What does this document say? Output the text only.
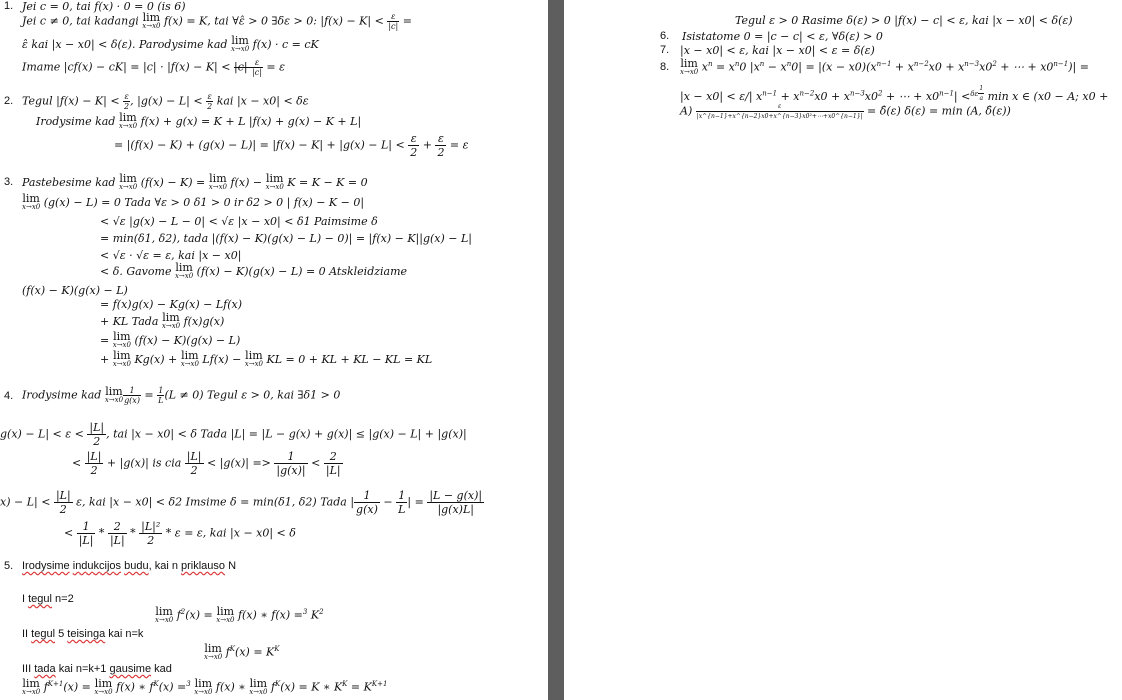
1. Jei c = 0, tai f(x) · 0 = 0 (is 6)
Jei c ≠ 0, tai kadangi lim
x→x0 f(x) = K, tai ∀ε̂ > 0 ∃δε > 0: $|f(x) - K| < \frac{\varepsilon}{|c|}$ =
ε̂ kai |x − x0| < δ(ε). Parodysime kad lim
x→x0 f(x) · c = cK
Imame $|cf(x) - cK| = |c| \cdot |f(x) - K| < |c| \frac{\varepsilon}{|c|} = \varepsilon$
2. Tegul $|f(x) - K| < \frac{\varepsilon}{2}$ , $|g(x) - L| < \frac{\varepsilon}{2}$ kai |x − x0| < δε
Irodysime kad lim
x→x0 f(x) + g(x) = K + L |f(x) + g(x) − K + L|
= $|(f(x) - K) + (g(x) - L)| = |f(x) - K| + |g(x) - L| < \frac{\varepsilon}{2} + \frac{\varepsilon}{2} = \varepsilon$
3. Pastebesime kad lim
x→x0 (f(x) − K) = lim
x→x0 f(x) − lim
x→x0 K = K − K = 0
lim
x→x0 (g(x) − L) = 0 Tada ∀ε > 0 δ1 > 0 ir δ2 > 0 | f(x) − K − 0|
< √ε |g(x) − L − 0| < √ε |x − x0| < δ1 Paimsime δ
= min(δ1, δ2), tada |(f(x) − K)(g(x) − L) − 0)| = |f(x) − K||g(x) − L|
< √ε · √ε = ε, kai |x − x0|
< δ. Gavome lim
x→x0 (f(x) − K)(g(x) − L) = 0 Atskleidziame
(f(x) − K)(g(x) − L)
= f(x)g(x) − Kg(x) − Lf(x)
+ KL Tada lim
x→x0 f(x)g(x)
= lim
x→x0 (f(x) − K)(g(x) − L)
+ lim
x→x0 Kg(x) + lim
x→x0 Lf(x) − lim
x→x0 KL = 0 + KL + KL − KL = KL
4. Irodysime kad lim
$x\to x0 \frac{1}{g(x)} = \frac{1}{L} (L \ne 0)$ Tegul ε > 0, kai ∃δ1 > 0
$g(x) - L| < \varepsilon < \frac{|L|}{2}$ , tai |x − x0| < δ Tada |L| = |L − g(x) + g(x)| ≤ |g(x) − L| + |g(x)|
< $\frac{|L|}{2} + |g(x)|$ is cia $\frac{|L|}{2} < |g(x)| => \frac{1}{|g(x)|} < \frac{2}{|L|}$
$x) - L| < \frac{|L|}{2} \varepsilon$, kai |x − x0| < δ2 Imsime δ = min(δ1, δ2) Tada | $\frac{1}{g(x)} - \frac{1}{L}$ | = $\frac{|L - g(x)|}{|g(x)L|}$
< $\frac{1}{|L|} * \frac{2}{|L|} * \frac{\text{|L|²}}{2} * \varepsilon = \varepsilon$, kai |x − x0| < δ
5. Irodysime indukcijos budu, kai n priklauso N
I tegul n=2
lim
x→x0 $f^2(x) = \lim$
x→x0 f(x) ∗ f(x) =$^3$ $K^2$
II tegul 5 teisinga kai n=k
lim
x→x0 $f^K(x) = K^K$
III tada kai n=k+1 gausime kad
lim
x→x0 $f^{K+1}(x) = \lim$
x→x0 f(x) ∗ $f^K(x) =^3$ lim
x→x0 f(x) ∗ lim
x→x0 $f^K(x) = K$ ∗ $K^K = K^{K+1}$
Tegul ε > 0 Rasime δ(ε) > 0 |f(x) − c| < ε, kai |x − x0| < δ(ε)
6. Isistatome 0 = |c − c| < ε, ∀δ(ε) > 0
7. |x − x0| < ε, kai |x − x0| < ε = δ(ε)
8. lim
x→x0 $x^n = x^n0$ $|x^n - x^n0| = |(x - x0)(x^{n-1} + x^{n-2}x0 + x^{n-3}x0^2$ + ⋯ + $x0^{n-1})|$ =
|x − x0| < ε/| $x^{n-1} + x^{n-2}x0 + x^{n-3}x0^2$ + ⋯ + $x0^{n-1}| <^{\delta\varepsilon \frac{1}{a}}$ min x ∈ (x0 − A; x0 +
$A) \frac{\varepsilon}{\text{|x\textasciicircum{}\{n−1\}+x\textasciicircum{}\{n−2\}x0+x\textasciicircum{}\{n−3\}x0²+⋯+x0\textasciicircum{}\{n−1\}|}}$ = δ̂(ε) δ(ε) = min (A, δ̂(ε))
